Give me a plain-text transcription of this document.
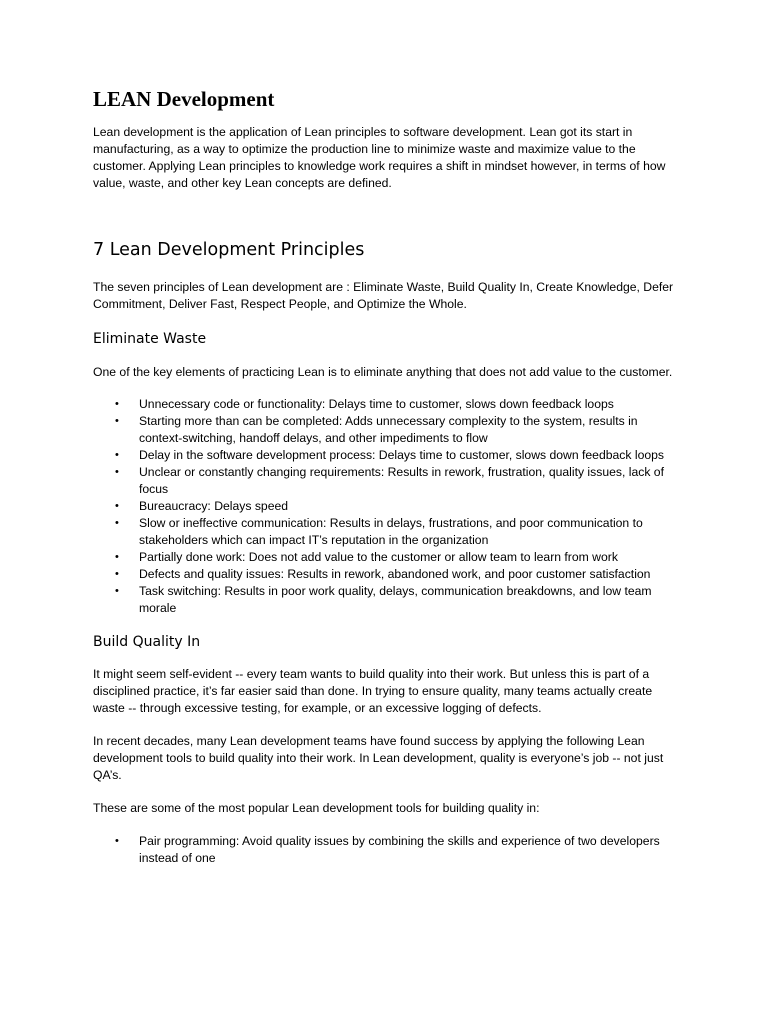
LEAN Development

Lean development is the application of Lean principles to software development. Lean got its start in manufacturing, as a way to optimize the production line to minimize waste and maximize value to the customer. Applying Lean principles to knowledge work requires a shift in mindset however, in terms of how value, waste, and other key Lean concepts are defined.

7 Lean Development Principles

The seven principles of Lean development are : Eliminate Waste, Build Quality In, Create Knowledge, Defer Commitment, Deliver Fast, Respect People, and Optimize the Whole.

Eliminate Waste

One of the key elements of practicing Lean is to eliminate anything that does not add value to the customer.

• Unnecessary code or functionality: Delays time to customer, slows down feedback loops
• Starting more than can be completed: Adds unnecessary complexity to the system, results in context-switching, handoff delays, and other impediments to flow
• Delay in the software development process: Delays time to customer, slows down feedback loops
• Unclear or constantly changing requirements: Results in rework, frustration, quality issues, lack of focus
• Bureaucracy: Delays speed
• Slow or ineffective communication: Results in delays, frustrations, and poor communication to stakeholders which can impact IT’s reputation in the organization
• Partially done work: Does not add value to the customer or allow team to learn from work
• Defects and quality issues: Results in rework, abandoned work, and poor customer satisfaction
• Task switching: Results in poor work quality, delays, communication breakdowns, and low team morale
Build Quality In

It might seem self-evident -- every team wants to build quality into their work. But unless this is part of a disciplined practice, it’s far easier said than done. In trying to ensure quality, many teams actually create waste -- through excessive testing, for example, or an excessive logging of defects.

In recent decades, many Lean development teams have found success by applying the following Lean development tools to build quality into their work. In Lean development, quality is everyone’s job -- not just QA’s.

These are some of the most popular Lean development tools for building quality in:

• Pair programming: Avoid quality issues by combining the skills and experience of two developers instead of one
